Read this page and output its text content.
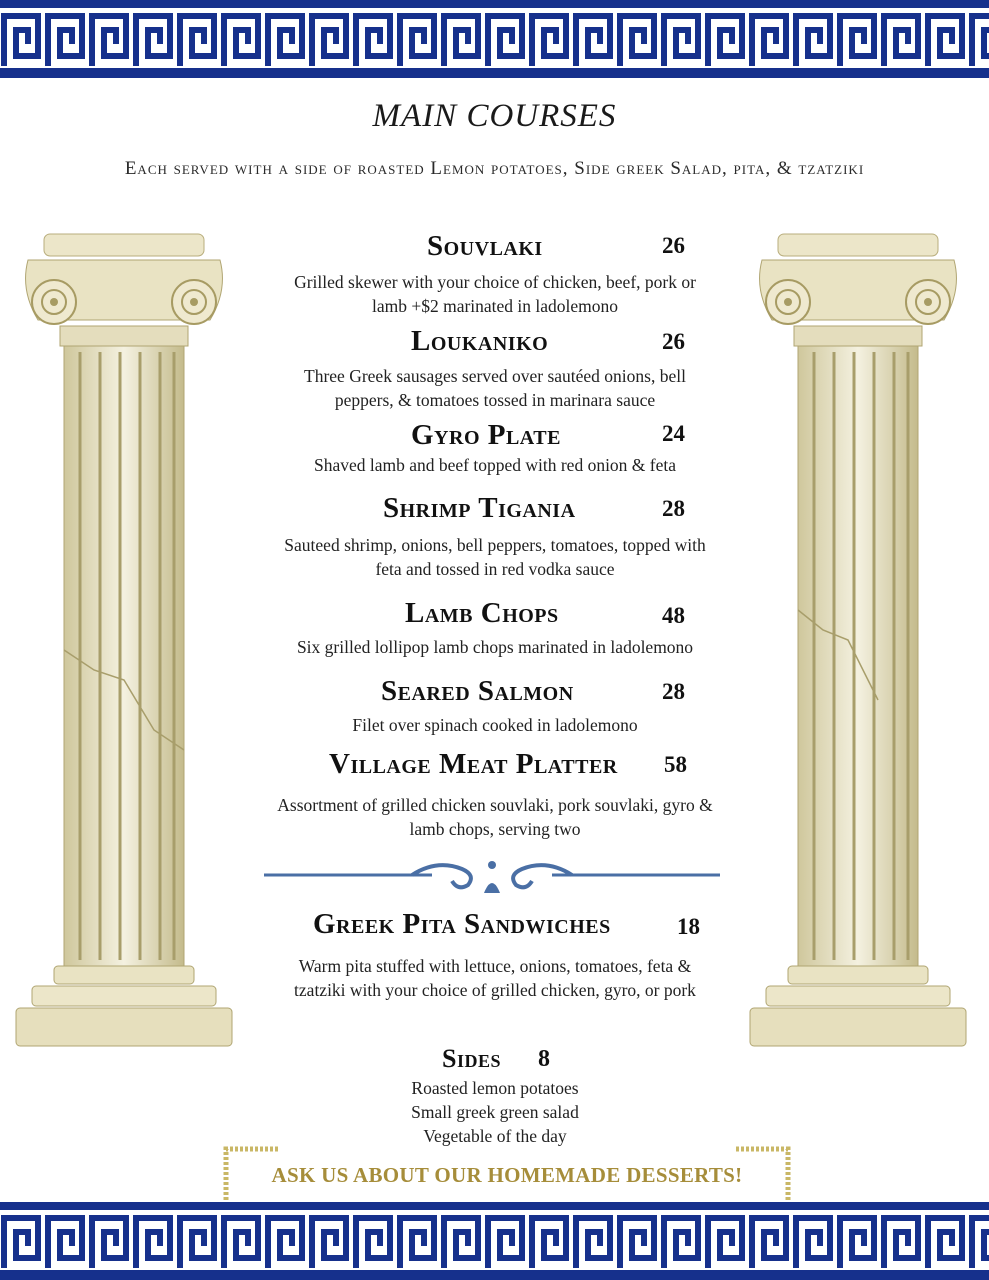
MAIN COURSES
Each served with a side of roasted Lemon potatoes, Side greek Salad, pita, & tzatziki
Souvlaki	26
Grilled skewer with your choice of chicken, beef, pork or
lamb +$2 marinated in ladolemono
Loukaniko	26
Three Greek sausages served over sautéed onions, bell
peppers, & tomatoes tossed in marinara sauce
Gyro Plate	24
Shaved lamb and beef topped with red onion & feta
Shrimp Tigania	28
Sauteed shrimp, onions, bell peppers, tomatoes, topped with
feta and tossed in red vodka sauce
Lamb Chops	48
Six grilled lollipop lamb chops marinated in ladolemono
Seared Salmon	28
Filet over spinach cooked in ladolemono
Village Meat Platter 58
Assortment of grilled chicken souvlaki, pork souvlaki, gyro &
lamb chops, serving two
Greek Pita Sandwiches	18
Warm pita stuffed with lettuce, onions, tomatoes, feta &
tzatziki with your choice of grilled chicken, gyro, or pork
Sides 8
Roasted lemon potatoes
Small greek green salad
Vegetable of the day
ASK US ABOUT OUR HOMEMADE DESSERTS!
